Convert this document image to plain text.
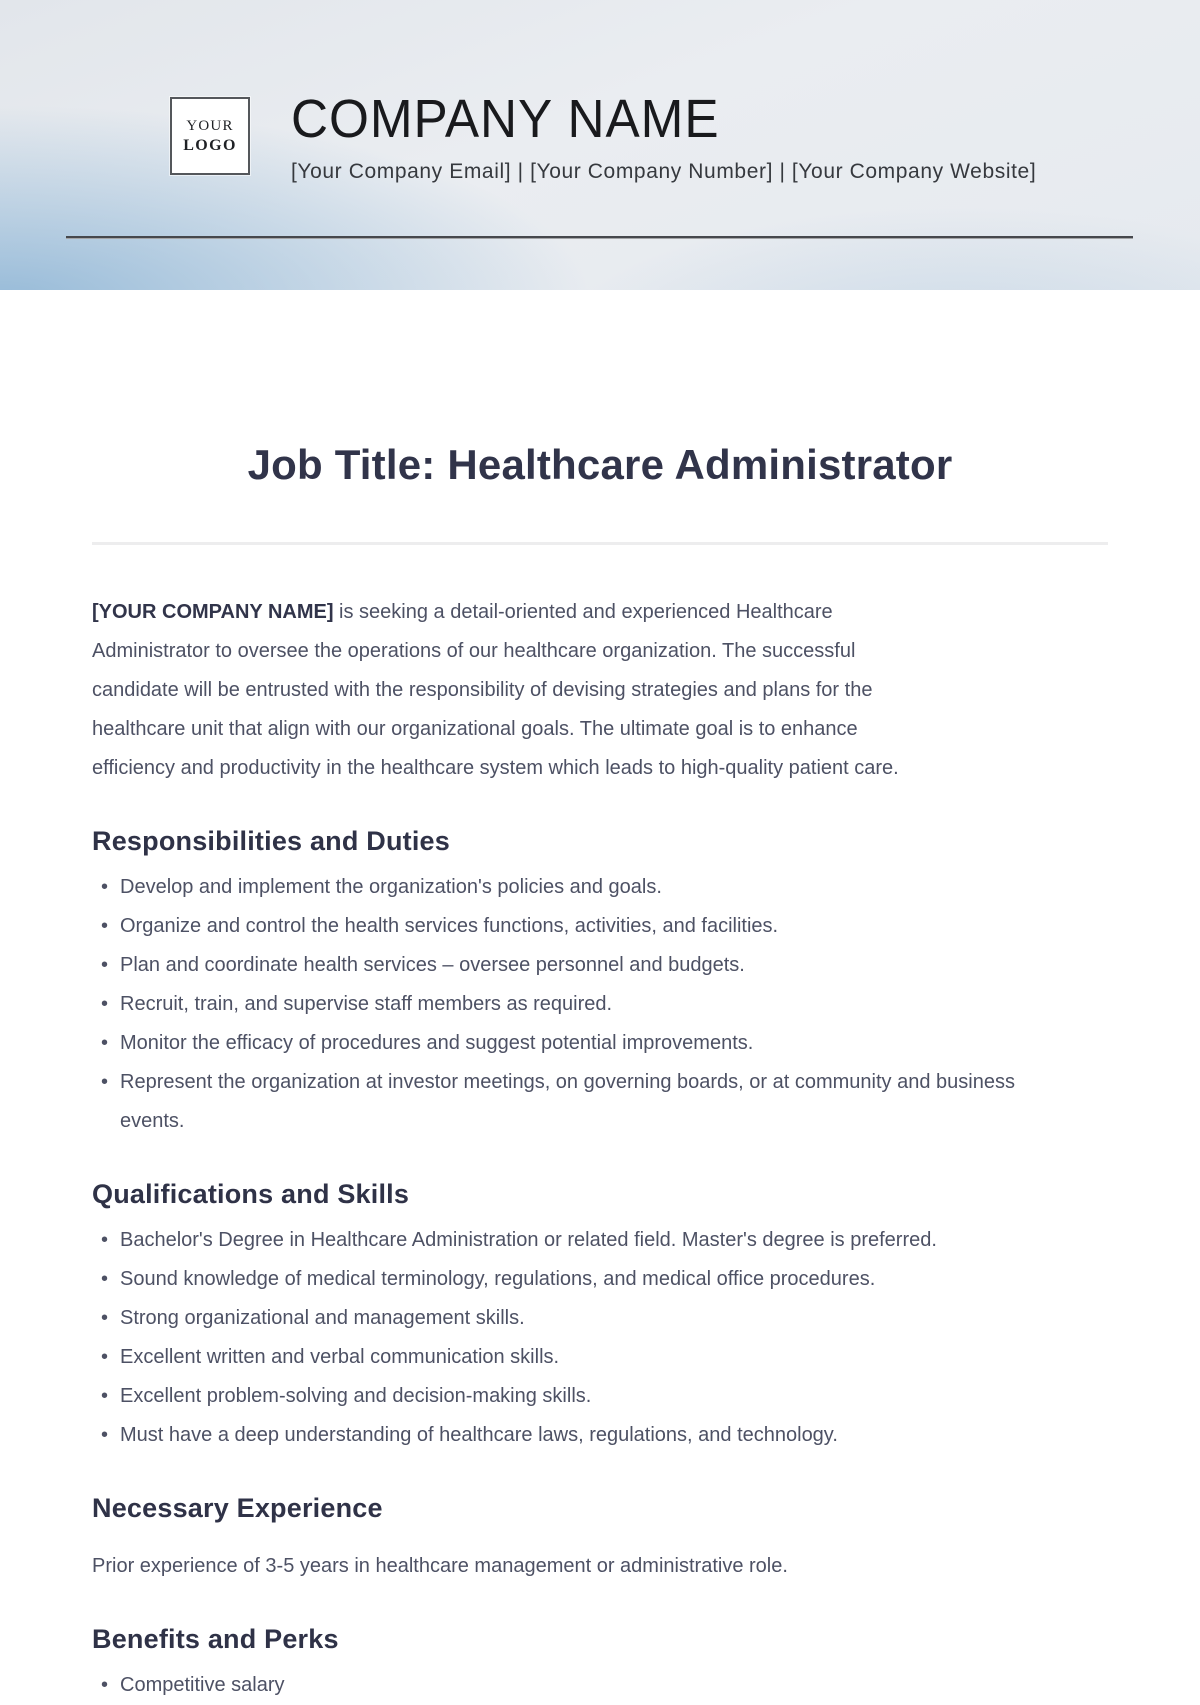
YOUR
LOGO COMPANY NAME
[Your Company Email] | [Your Company Number] | [Your Company Website]
Job Title: Healthcare Administrator

[YOUR COMPANY NAME] is seeking a detail-oriented and experienced Healthcare
Administrator to oversee the operations of our healthcare organization. The successful
candidate will be entrusted with the responsibility of devising strategies and plans for the
healthcare unit that align with our organizational goals. The ultimate goal is to enhance
efficiency and productivity in the healthcare system which leads to high-quality patient care.

Responsibilities and Duties
• Develop and implement the organization's policies and goals.
• Organize and control the health services functions, activities, and facilities.
• Plan and coordinate health services – oversee personnel and budgets.
• Recruit, train, and supervise staff members as required.
• Monitor the efficacy of procedures and suggest potential improvements.
• Represent the organization at investor meetings, on governing boards, or at community and business events.
Qualifications and Skills
• Bachelor's Degree in Healthcare Administration or related field. Master's degree is preferred.
• Sound knowledge of medical terminology, regulations, and medical office procedures.
• Strong organizational and management skills.
• Excellent written and verbal communication skills.
• Excellent problem-solving and decision-making skills.
• Must have a deep understanding of healthcare laws, regulations, and technology.
Necessary Experience

Prior experience of 3-5 years in healthcare management or administrative role.

Benefits and Perks
• Competitive salary
